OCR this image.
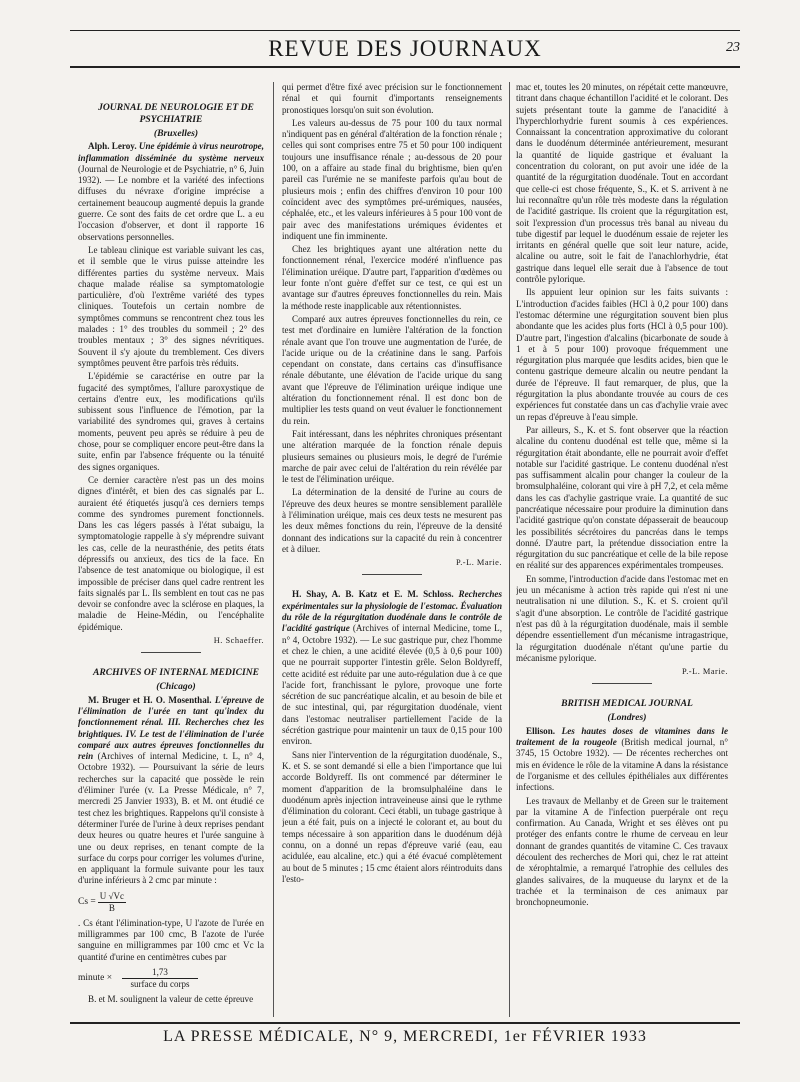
REVUE DES JOURNAUX	23

JOURNAL DE NEUROLOGIE ET DE PSYCHIATRIE

(Bruxelles)

Alph. Leroy. Une épidémie à virus neurotrope, inflammation disséminée du système nerveux (Journal de Neurologie et de Psychiatrie, n° 6, Juin 1932). — Le nombre et la variété des infections diffuses du névraxe d'origine imprécise a certainement beaucoup augmenté depuis la grande guerre. Ce sont des faits de cet ordre que L. a eu l'occasion d'observer, et dont il rapporte 16 observations personnelles.

Le tableau clinique est variable suivant les cas, et il semble que le virus puisse atteindre les différentes parties du système nerveux. Mais chaque malade réalise sa symptomatologie particulière, d'où l'extrême variété des types cliniques. Toutefois un certain nombre de symptômes communs se rencontrent chez tous les malades : 1° des troubles du sommeil ; 2° des troubles mentaux ; 3° des signes névritiques. Souvent il s'y ajoute du tremblement. Ces divers symptômes peuvent être parfois très réduits.

L'épidémie se caractérise en outre par la fugacité des symptômes, l'allure paroxystique de certains d'entre eux, les modifications qu'ils subissent sous l'influence de l'émotion, par la variabilité des syndromes qui, graves à certains moments, peuvent peu après se réduire à peu de chose, pour se compliquer encore peut-être dans la suite, enfin par l'absence fréquente ou la ténuité des signes organiques.

Ce dernier caractère n'est pas un des moins dignes d'intérêt, et bien des cas signalés par L. auraient été étiquetés jusqu'à ces derniers temps comme des syndromes purement fonctionnels. Dans les cas légers passés à l'état subaigu, la symptomatologie rappelle à s'y méprendre suivant les cas, celle de la neurasthénie, des petits états dépressifs ou anxieux, des tics de la face. En l'absence de test anatomique ou biologique, il est impossible de préciser dans quel cadre rentrent les faits signalés par L. Ils semblent en tout cas ne pas devoir se confondre avec la sclérose en plaques, la maladie de Heine-Médin, ou l'encéphalite épidémique.

H. Schaeffer.

ARCHIVES OF INTERNAL MEDICINE

(Chicago)

M. Bruger et H. O. Mosenthal. L'épreuve de l'élimination de l'urée en tant qu'index du fonctionnement rénal. III. Recherches chez les brightiques. IV. Le test de l'élimination de l'urée comparé aux autres épreuves fonctionnelles du rein (Archives of internal Medicine, t. L, n° 4, Octobre 1932). — Poursuivant la série de leurs recherches sur la capacité que possède le rein d'éliminer l'urée (v. La Presse Médicale, n° 7, mercredi 25 Janvier 1933), B. et M. ont étudié ce test chez les brightiques. Rappelons qu'il consiste à déterminer l'urée de l'urine à deux reprises pendant deux heures ou quatre heures et l'urée sanguine à une ou deux reprises, en tenant compte de la surface du corps pour corriger les volumes d'urine, en appliquant la formule suivante pour les taux d'urine inférieurs à 2 cmc par minute :

$Cs = \frac{U √Vc}{B}$

. Cs étant l'élimination-type, U l'azote de l'urée en milligrammes par 100 cmc, B l'azote de l'urée sanguine en milligrammes par 100 cmc et Vc la quantité d'urine en centimètres cubes par

minute ×
1,73
surface du corps

B. et M. soulignent la valeur de cette épreuve

qui permet d'être fixé avec précision sur le fonctionnement rénal et qui fournit d'importants renseignements pronostiques lorsqu'on suit son évolution.

Les valeurs au-dessus de 75 pour 100 du taux normal n'indiquent pas en général d'altération de la fonction rénale ; celles qui sont comprises entre 75 et 50 pour 100 indiquent toujours une insuffisance rénale ; au-dessous de 20 pour 100, on a affaire au stade final du brightisme, bien qu'en pareil cas l'urémie ne se manifeste parfois qu'au bout de plusieurs mois ; enfin des chiffres d'environ 10 pour 100 coïncident avec des symptômes pré-urémiques, nausées, céphalée, etc., et les valeurs inférieures à 5 pour 100 vont de pair avec des manifestations urémiques évidentes et indiquent une fin imminente.

Chez les brightiques ayant une altération nette du fonctionnement rénal, l'exercice modéré n'influence pas l'élimination uréique. D'autre part, l'apparition d'œdèmes ou leur fonte n'ont guère d'effet sur ce test, ce qui est un avantage sur d'autres épreuves fonctionnelles du rein. Mais la méthode reste inapplicable aux rétentionnistes.

Comparé aux autres épreuves fonctionnelles du rein, ce test met d'ordinaire en lumière l'altération de la fonction rénale avant que l'on trouve une augmentation de l'urée, de l'acide urique ou de la créatinine dans le sang. Parfois cependant on constate, dans certains cas d'insuffisance rénale débutante, une élévation de l'acide urique du sang avant que l'épreuve de l'élimination uréique indique une altération du fonctionnement rénal. Il est donc bon de multiplier les tests quand on veut évaluer le fonctionnement du rein.

Fait intéressant, dans les néphrites chroniques présentant une altération marquée de la fonction rénale depuis plusieurs semaines ou plusieurs mois, le degré de l'urémie marche de pair avec celui de l'altération du rein révélée par le test de l'élimination uréique.

La détermination de la densité de l'urine au cours de l'épreuve des deux heures se montre sensiblement parallèle à l'élimination uréique, mais ces deux tests ne mesurent pas les deux mêmes fonctions du rein, l'épreuve de la densité donnant des indications sur la capacité du rein à concentrer et à diluer.

P.-L. Marie.

H. Shay, A. B. Katz et E. M. Schloss. Recherches expérimentales sur la physiologie de l'estomac. Évaluation du rôle de la régurgitation duodénale dans le contrôle de l'acidité gastrique (Archives of internal Medicine, tome L, n° 4, Octobre 1932). — Le suc gastrique pur, chez l'homme et chez le chien, a une acidité élevée (0,5 à 0,6 pour 100) que ne pourrait supporter l'intestin grêle. Selon Boldyreff, cette acidité est réduite par une auto-régulation due à ce que l'acide fort, franchissant le pylore, provoque une forte sécrétion de suc pancréatique alcalin, et au besoin de bile et de suc intestinal, qui, par régurgitation duodénale, vient dans l'estomac neutraliser partiellement l'acide de la sécrétion gastrique pour maintenir un taux de 0,15 pour 100 environ.

Sans nier l'intervention de la régurgitation duodénale, S., K. et S. se sont demandé si elle a bien l'importance que lui accorde Boldyreff. Ils ont commencé par déterminer le moment d'apparition de la bromsulphaléine dans le duodénum après injection intraveineuse ainsi que le rythme d'élimination du colorant. Ceci établi, un tubage gastrique à jeun a été fait, puis on a injecté le colorant et, au bout du temps nécessaire à son apparition dans le duodénum déjà connu, on a donné un repas d'épreuve varié (eau, eau acidulée, eau alcaline, etc.) qui a été évacué complètement au bout de 5 minutes ; 15 cmc étaient alors réintroduits dans l'esto-

mac et, toutes les 20 minutes, on répétait cette manœuvre, titrant dans chaque échantillon l'acidité et le colorant. Des sujets présentant toute la gamme de l'anacidité à l'hyperchlorhydrie furent soumis à ces expériences. Connaissant la concentration approximative du colorant dans le duodénum déterminée antérieurement, mesurant la quantité de liquide gastrique et évaluant la concentration du colorant, on put avoir une idée de la quantité de la régurgitation duodénale. Tout en accordant que celle-ci est chose fréquente, S., K. et S. arrivent à ne lui reconnaître qu'un rôle très modeste dans la régulation de l'acidité gastrique. Ils croient que la régurgitation est, soit l'expression d'un processus très banal au niveau du tube digestif par lequel le duodénum essaie de rejeter les irritants en général quelle que soit leur nature, acide, alcaline ou autre, soit le fait de l'anachlorhydrie, état gastrique dans lequel elle serait due à l'absence de tout contrôle pylorique.

Ils appuient leur opinion sur les faits suivants : L'introduction d'acides faibles (HCl à 0,2 pour 100) dans l'estomac détermine une régurgitation souvent bien plus abondante que les acides plus forts (HCl à 0,5 pour 100). D'autre part, l'ingestion d'alcalins (bicarbonate de soude à 1 et à 5 pour 100) provoque fréquemment une régurgitation plus marquée que lesdits acides, bien que le contenu gastrique demeure alcalin ou neutre pendant la durée de l'épreuve. Il faut remarquer, de plus, que la régurgitation la plus abondante trouvée au cours de ces expériences fut constatée dans un cas d'achylie vraie avec un repas d'épreuve à l'eau simple.

Par ailleurs, S., K. et S. font observer que la réaction alcaline du contenu duodénal est telle que, même si la régurgitation était abondante, elle ne pourrait avoir d'effet notable sur l'acidité gastrique. Le contenu duodénal n'est pas suffisamment alcalin pour changer la couleur de la bromsulphaléine, colorant qui vire à pH 7,2, et cela même dans les cas d'achylie gastrique vraie. La quantité de suc pancréatique nécessaire pour produire la diminution dans l'acidité gastrique qu'on constate dépasserait de beaucoup les possibilités sécrétoires du pancréas dans le temps donné. D'autre part, la prétendue dissociation entre la régurgitation du suc pancréatique et celle de la bile repose en réalité sur des apparences expérimentales trompeuses.

En somme, l'introduction d'acide dans l'estomac met en jeu un mécanisme à action très rapide qui n'est ni une neutralisation ni une dilution. S., K. et S. croient qu'il s'agit d'une absorption. Le contrôle de l'acidité gastrique n'est pas dû à la régurgitation duodénale, mais il semble dépendre essentiellement d'un mécanisme intragastrique, la régurgitation duodénale n'étant qu'une partie du mécanisme pylorique.

P.-L. Marie.

BRITISH MEDICAL JOURNAL

(Londres)

Ellison. Les hautes doses de vitamines dans le traitement de la rougeole (British medical journal, n° 3745, 15 Octobre 1932). — De récentes recherches ont mis en évidence le rôle de la vitamine A dans la résistance de l'organisme et des cellules épithéliales aux différentes infections.

Les travaux de Mellanby et de Green sur le traitement par la vitamine A de l'infection puerpérale ont reçu confirmation. Au Canada, Wright et ses élèves ont pu protéger des enfants contre le rhume de cerveau en leur donnant de grandes quantités de vitamine C. Ces travaux découlent des recherches de Mori qui, chez le rat atteint de xérophtalmie, a remarqué l'atrophie des cellules des glandes salivaires, de la muqueuse du larynx et de la trachée et la terminaison de ces animaux par bronchopneumonie.

LA PRESSE MÉDICALE, N° 9, MERCREDI, 1er FÉVRIER 1933
